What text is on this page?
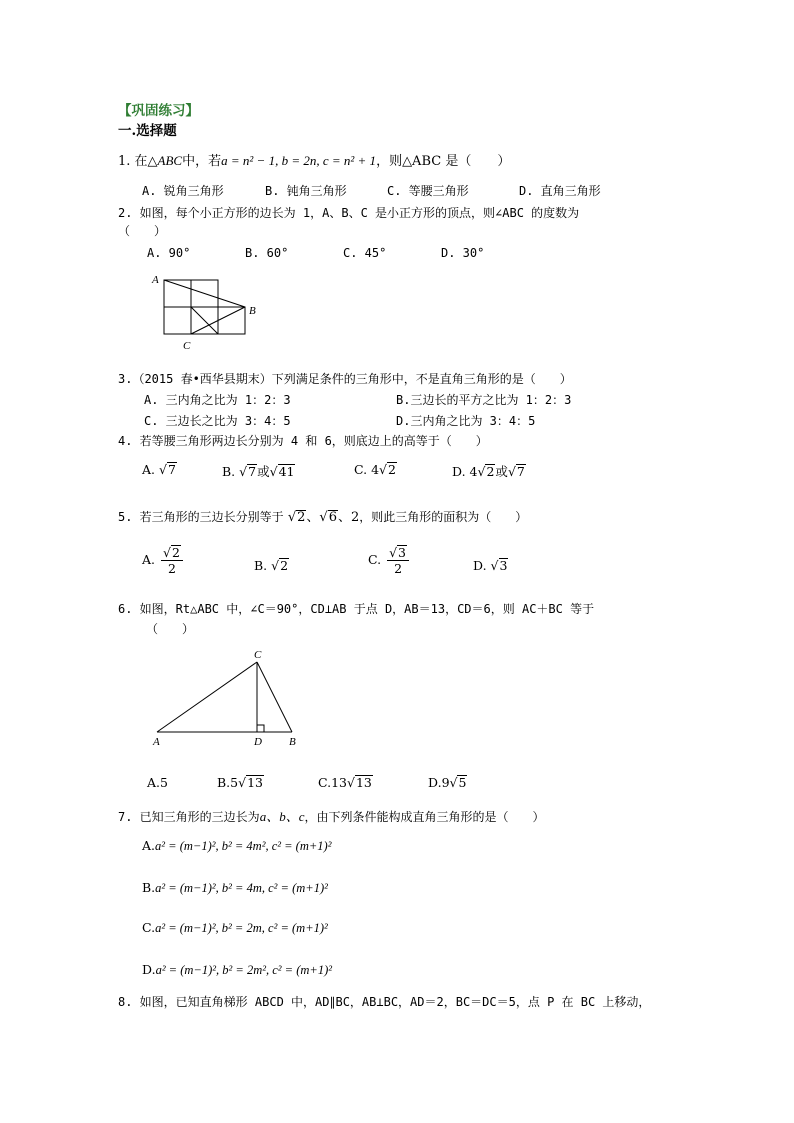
【巩固练习】
一.选择题
1. 在△ABC中，若a = n² − 1, b = 2n, c = n² + 1，则△ABC 是（　　）
A. 锐角三角形	B. 钝角三角形	C. 等腰三角形	D. 直角三角形
2. 如图，每个小正方形的边长为 1，A、B、C 是小正方形的顶点，则∠ABC 的度数为
（　　）
A. 90°	B. 60°	C. 45°	D. 30°
A
B
C
3.（2015 春•西华县期末）下列满足条件的三角形中，不是直角三角形的是（　　）
A. 三内角之比为 1：2：3	B.三边长的平方之比为 1：2：3
C. 三边长之比为 3：4：5	D.三内角之比为 3：4：5
4. 若等腰三角形两边长分别为 4 和 6，则底边上的高等于（　　）
A. √7	B. √7或√41	C. 4√2	D. 4√2或√7
5. 若三角形的三边长分别等于 √2、√6、2，则此三角形的面积为（　　）
A. $\frac{√2}{2}$	B. √2	C. $\frac{√3}{2}$	D. √3
6. 如图，Rt△ABC 中，∠C＝90°，CD⊥AB 于点 D，AB＝13，CD＝6，则 AC＋BC 等于
（　　）
C
A	D B
A.5	B.5√13	C.13√13	D.9√5
7. 已知三角形的三边长为a、b、c，由下列条件能构成直角三角形的是（　　）
A.a² = (m−1)², b² = 4m², c² = (m+1)²
B.a² = (m−1)², b² = 4m, c² = (m+1)²
C.a² = (m−1)², b² = 2m, c² = (m+1)²
D.a² = (m−1)², b² = 2m², c² = (m+1)²
8. 如图，已知直角梯形 ABCD 中，AD∥BC，AB⊥BC，AD＝2，BC＝DC＝5，点 P 在 BC 上移动，
